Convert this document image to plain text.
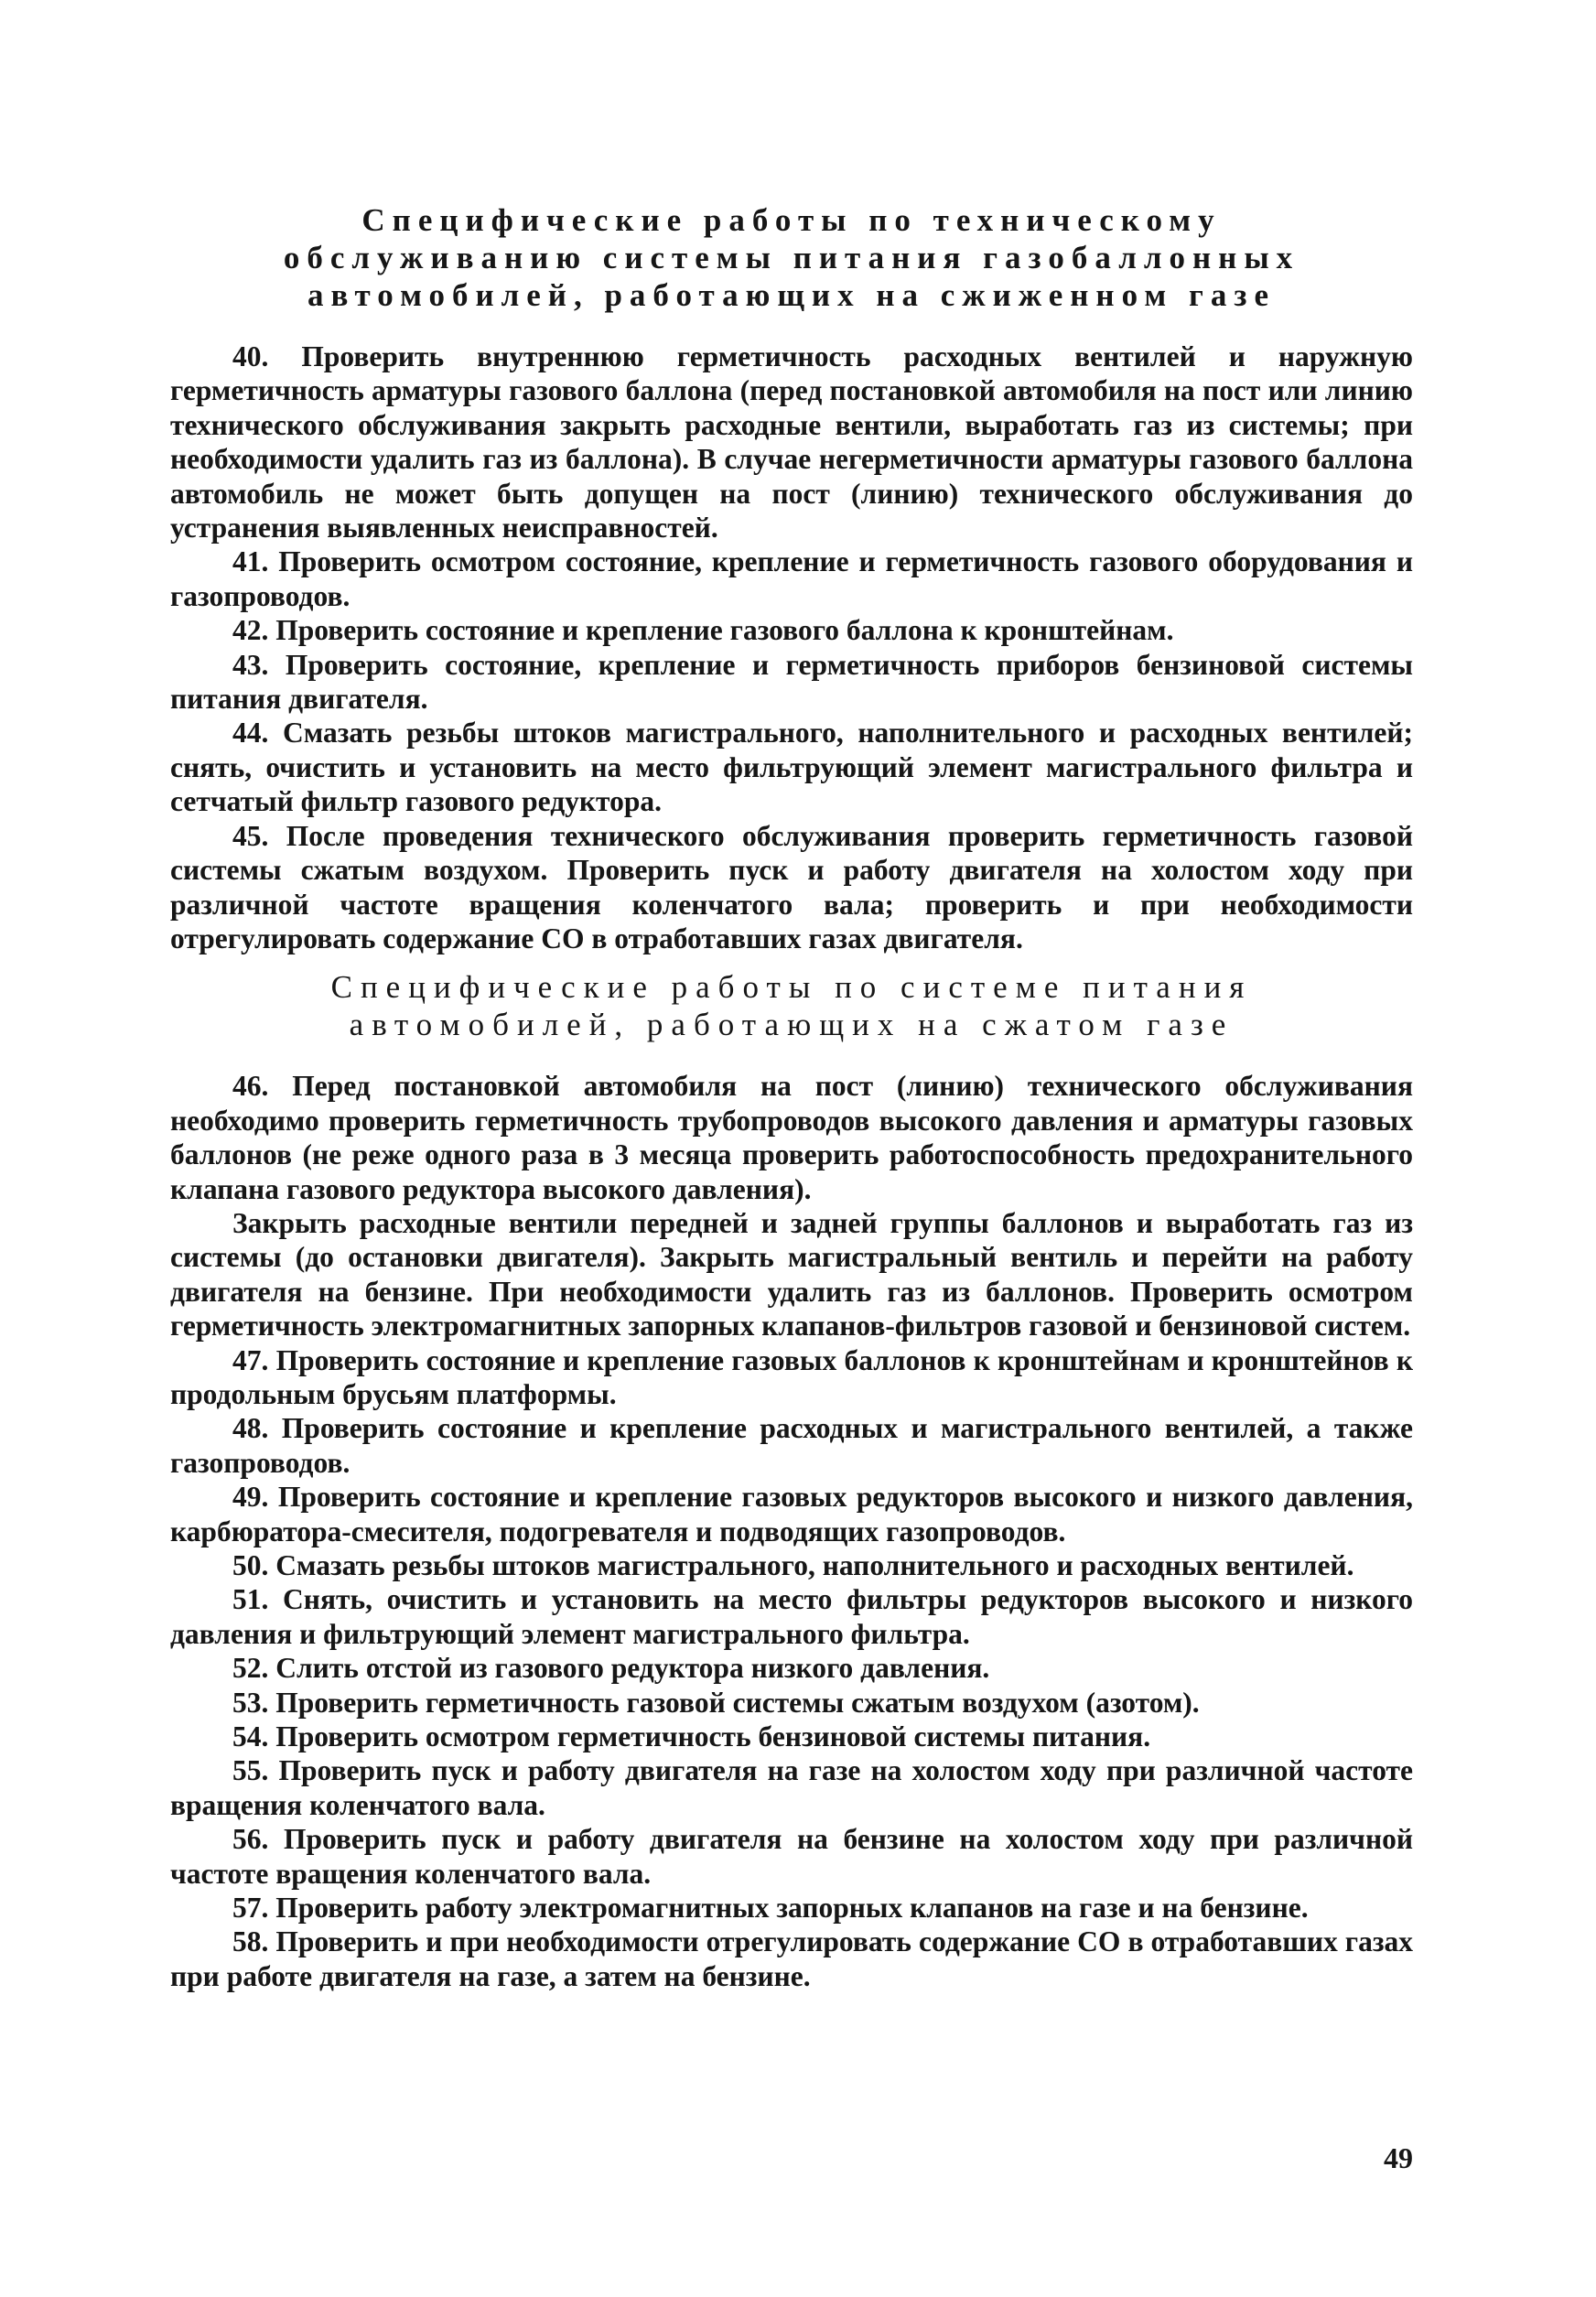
Специфические работы по техническому
обслуживанию системы питания газобаллонных
автомобилей, работающих на сжиженном газе

40. Проверить внутреннюю герметичность расходных вентилей и наружную герметичность арматуры газового баллона (перед постановкой автомобиля на пост или линию технического обслуживания закрыть расходные вентили, выработать газ из системы; при необходимости удалить газ из баллона). В случае негерметичности арматуры газового баллона автомобиль не может быть допущен на пост (линию) технического обслуживания до устранения выявленных неисправностей.

41. Проверить осмотром состояние, крепление и герметичность газового оборудования и газопроводов.

42. Проверить состояние и крепление газового баллона к кронштейнам.

43. Проверить состояние, крепление и герметичность приборов бензиновой системы питания двигателя.

44. Смазать резьбы штоков магистрального, наполнительного и расходных вентилей; снять, очистить и установить на место фильтрующий элемент магистрального фильтра и сетчатый фильтр газового редуктора.

45. После проведения технического обслуживания проверить герметичность газовой системы сжатым воздухом. Проверить пуск и работу двигателя на холостом ходу при различной частоте вращения коленчатого вала; проверить и при необходимости отрегулировать содержание CO в отработавших газах двигателя.

Специфические работы по системе питания
автомобилей, работающих на сжатом газе

46. Перед постановкой автомобиля на пост (линию) технического обслуживания необходимо проверить герметичность трубопроводов высокого давления и арматуры газовых баллонов (не реже одного раза в 3 месяца проверить работоспособность предохранительного клапана газового редуктора высокого давления).

Закрыть расходные вентили передней и задней группы баллонов и выработать газ из системы (до остановки двигателя). Закрыть магистральный вентиль и перейти на работу двигателя на бензине. При необходимости удалить газ из баллонов. Проверить осмотром герметичность электромагнитных запорных клапанов-фильтров газовой и бензиновой систем.

47. Проверить состояние и крепление газовых баллонов к кронштейнам и кронштейнов к продольным брусьям платформы.

48. Проверить состояние и крепление расходных и магистрального вентилей, а также газопроводов.

49. Проверить состояние и крепление газовых редукторов высокого и низкого давления, карбюратора-смесителя, подогревателя и подводящих газопроводов.

50. Смазать резьбы штоков магистрального, наполнительного и расходных вентилей.

51. Снять, очистить и установить на место фильтры редукторов высокого и низкого давления и фильтрующий элемент магистрального фильтра.

52. Слить отстой из газового редуктора низкого давления.

53. Проверить герметичность газовой системы сжатым воздухом (азотом).

54. Проверить осмотром герметичность бензиновой системы питания.

55. Проверить пуск и работу двигателя на газе на холостом ходу при различной частоте вращения коленчатого вала.

56. Проверить пуск и работу двигателя на бензине на холостом ходу при различной частоте вращения коленчатого вала.

57. Проверить работу электромагнитных запорных клапанов на газе и на бензине.

58. Проверить и при необходимости отрегулировать содержание CO в отработавших газах при работе двигателя на газе, а затем на бензине.

49
